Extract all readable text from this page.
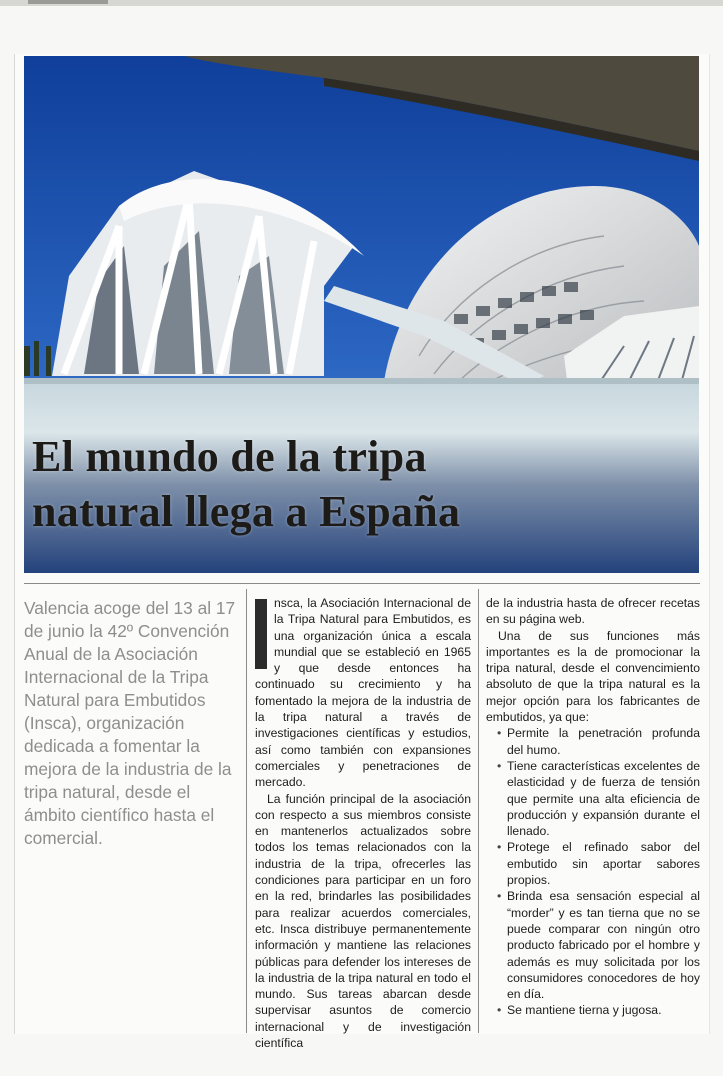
El mundo de la tripa
natural llega a España

Valencia acoge del 13 al 17 de junio la 42º Convención Anual de la Asociación Internacional de la Tripa Natural para Embutidos (Insca), organización dedicada a fomentar la mejora de la industria de la tripa natural, desde el ámbito científico hasta el comercial.

nsca, la Asociación Internacional de la Tripa Natural para Embutidos, es una organización única a escala mundial que se estableció en 1965 y que desde entonces ha continuado su crecimiento y ha fomentado la mejora de la industria de la tripa natural a través de investigaciones científicas y estudios, así como también con expansiones comerciales y penetraciones de mercado.

La función principal de la asociación con respecto a sus miembros consiste en mantenerlos actualizados sobre todos los temas relacionados con la industria de la tripa, ofrecerles las condiciones para participar en un foro en la red, brindarles las posibilidades para realizar acuerdos comerciales, etc. Insca distribuye permanentemente información y mantiene las relaciones públicas para defender los intereses de la industria de la tripa natural en todo el mundo. Sus tareas abarcan desde supervisar asuntos de comercio internacional y de investigación científica

de la industria hasta de ofrecer recetas en su página web.

Una de sus funciones más importantes es la de promocionar la tripa natural, desde el convencimiento absoluto de que la tripa natural es la mejor opción para los fabricantes de embutidos, ya que:

• Permite la penetración profunda del humo.
• Tiene características excelentes de elasticidad y de fuerza de tensión que permite una alta eficiencia de producción y expansión durante el llenado.
• Protege el refinado sabor del embutido sin aportar sabores propios.
• Brinda esa sensación especial al “morder” y es tan tierna que no se puede comparar con ningún otro producto fabricado por el hombre y además es muy solicitada por los consumidores conocedores de hoy en día.
• Se mantiene tierna y jugosa.
